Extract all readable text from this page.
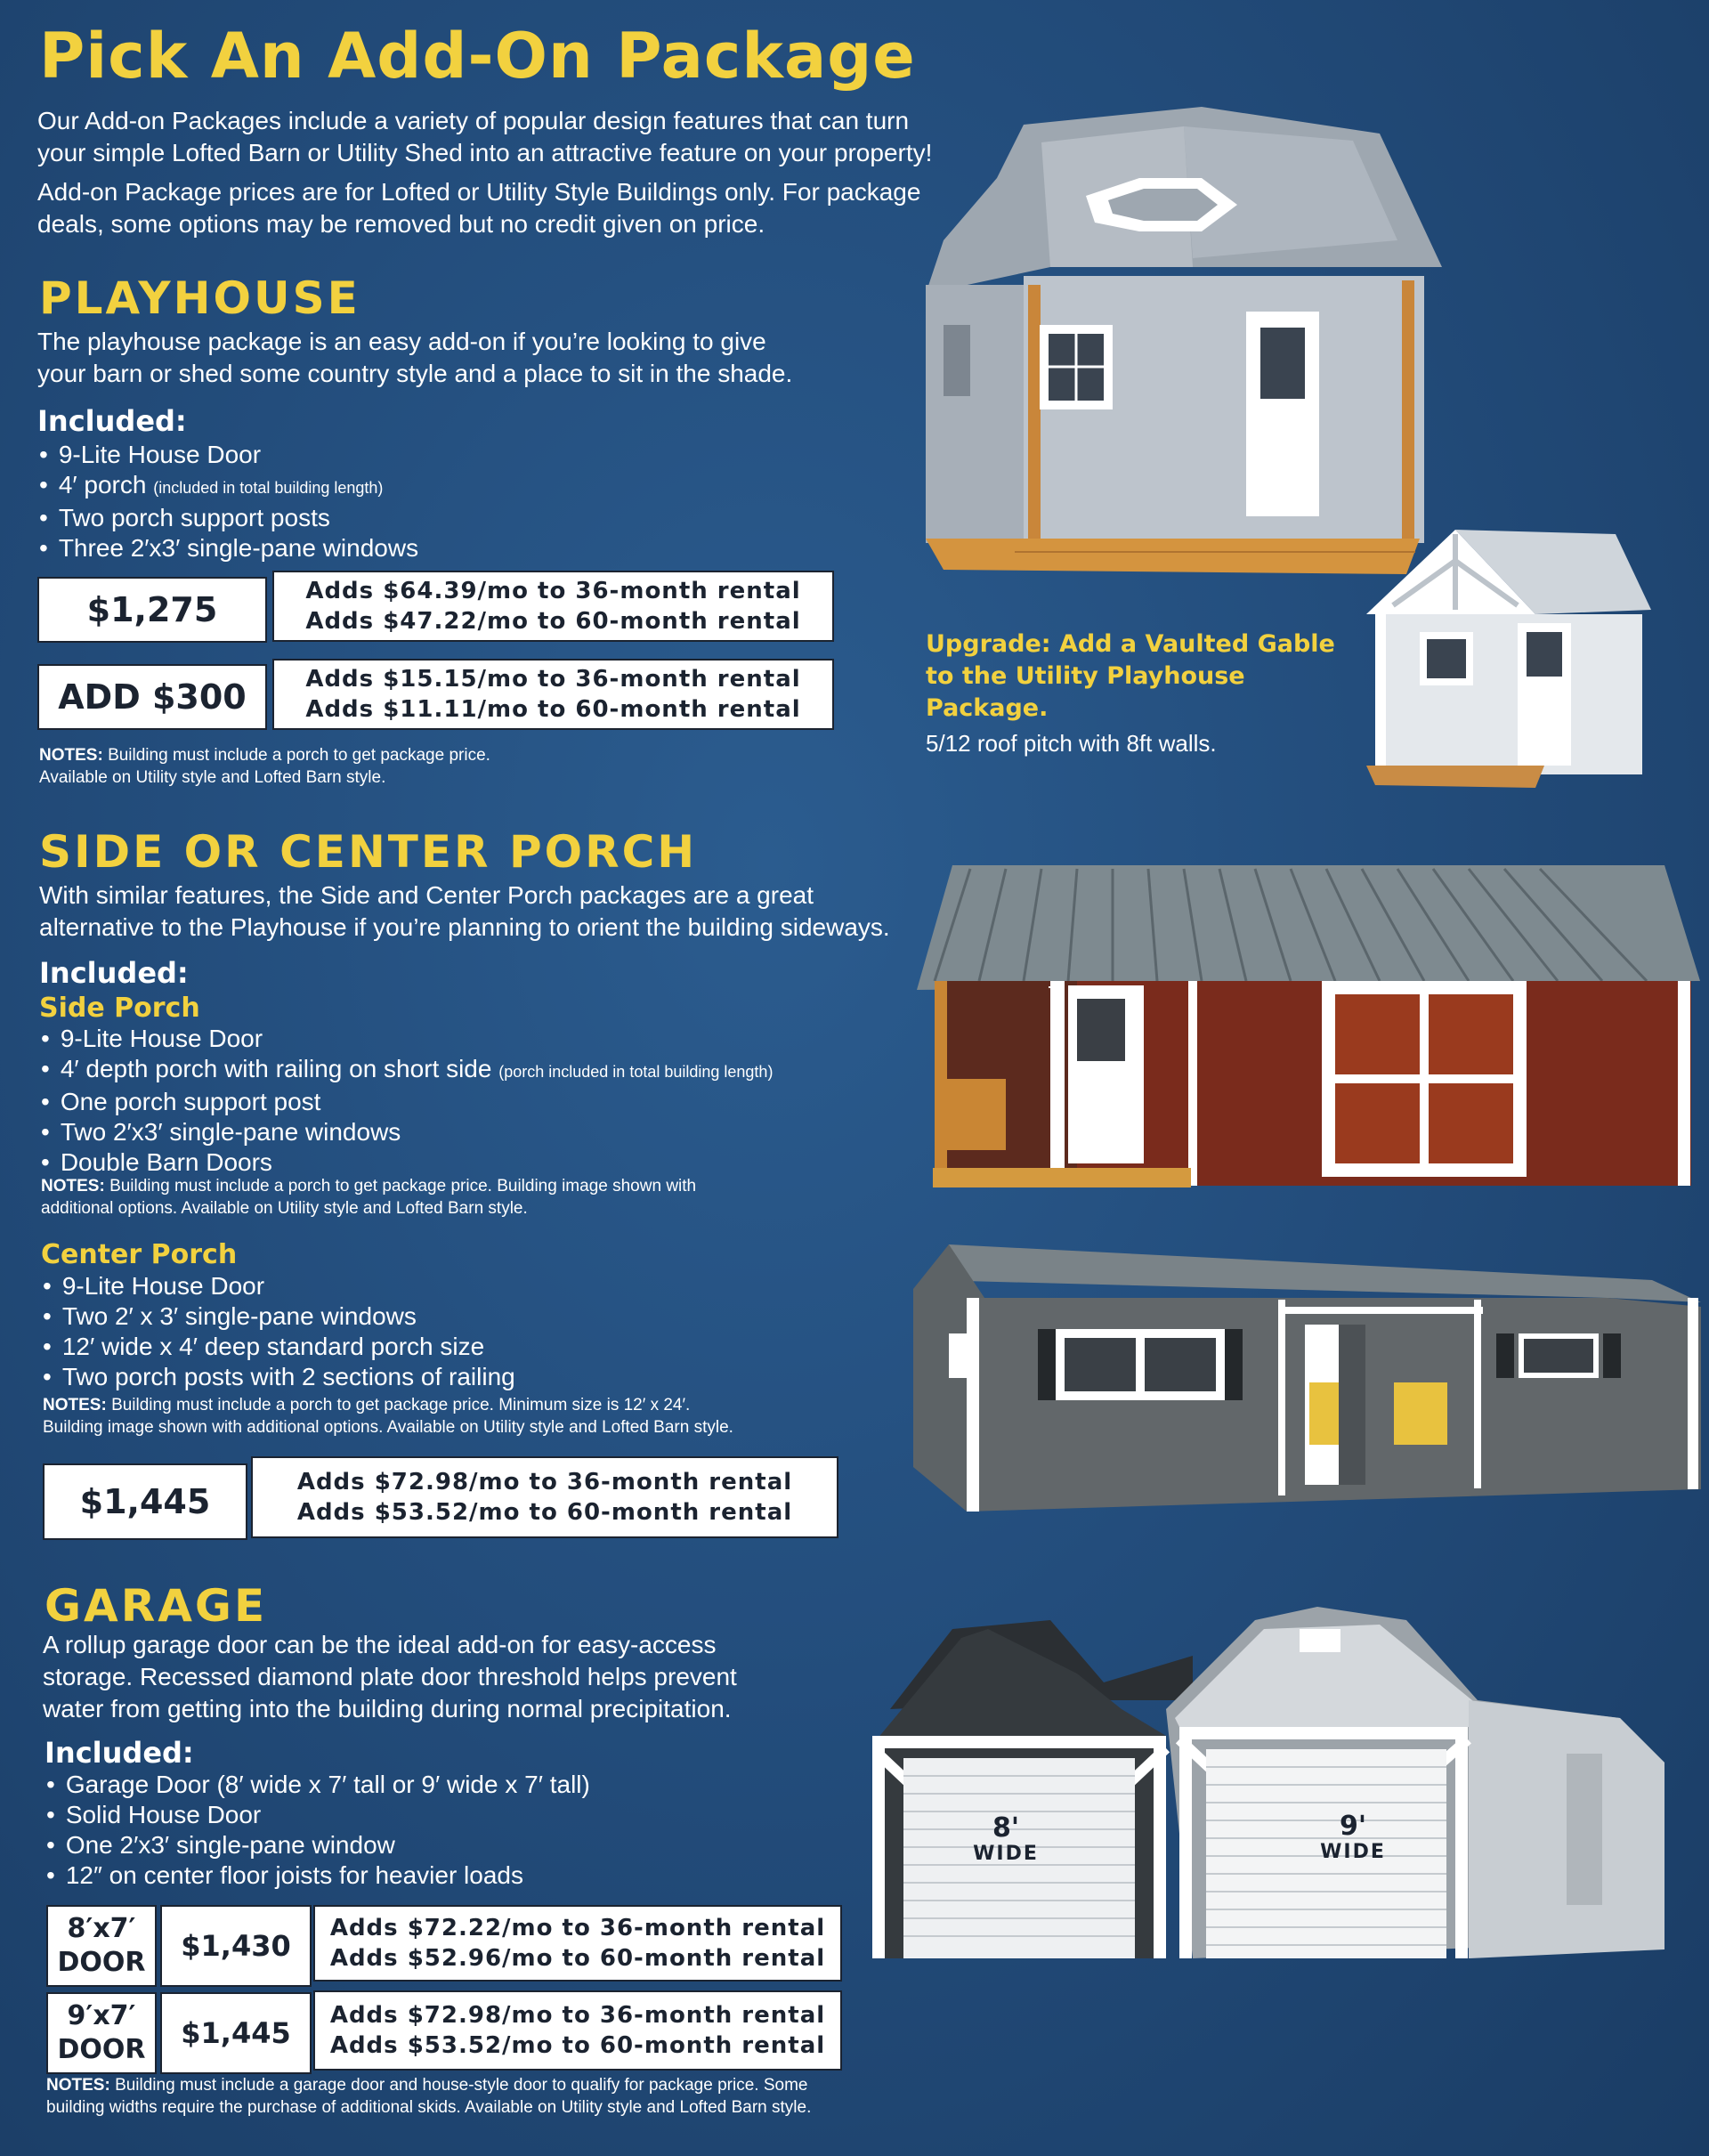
Pick An Add-On Package

Our Add-on Packages include a variety of popular design features that can turn

your simple Lofted Barn or Utility Shed into an attractive feature on your property!

Add-on Package prices are for Lofted or Utility Style Buildings only. For package

deals, some options may be removed but no credit given on price.

PLAYHOUSE

The playhouse package is an easy add-on if you’re looking to give

your barn or shed some country style and a place to sit in the shade.

Included:

• 9-Lite House Door
• 4′ porch (included in total building length)
• Two porch support posts
• Three 2′x3′ single-pane windows
$1,275	Adds $64.39/mo to 36-month rental
Adds $47.22/mo to 60-month rental
ADD $300	Adds $15.15/mo to 36-month rental
Adds $11.11/mo to 60-month rental
NOTES: Building must include a porch to get package price.
Available on Utility style and Lofted Barn style.
Upgrade: Add a Vaulted Gable
to the Utility Playhouse Package.
5/12 roof pitch with 8ft walls.
SIDE OR CENTER PORCH

With similar features, the Side and Center Porch packages are a great

alternative to the Playhouse if you’re planning to orient the building sideways.

Included:

Side Porch

• 9-Lite House Door
• 4′ depth porch with railing on short side (porch included in total building length)
• One porch support post
• Two 2′x3′ single-pane windows
• Double Barn Doors
NOTES: Building must include a porch to get package price. Building image shown with
additional options. Available on Utility style and Lofted Barn style.

Center Porch

• 9-Lite House Door
• Two 2′ x 3′ single-pane windows
• 12′ wide x 4′ deep standard porch size
• Two porch posts with 2 sections of railing
NOTES: Building must include a porch to get package price. Minimum size is 12′ x 24′.
Building image shown with additional options. Available on Utility style and Lofted Barn style.
$1,445	Adds $72.98/mo to 36-month rental
Adds $53.52/mo to 60-month rental
GARAGE

A rollup garage door can be the ideal add-on for easy-access

storage. Recessed diamond plate door threshold helps prevent

water from getting into the building during normal precipitation.

Included:

• Garage Door (8′ wide x 7′ tall or 9′ wide x 7′ tall)
• Solid House Door
• One 2′x3′ single-pane window
• 12″ on center floor joists for heavier loads
8′x7′
DOOR $1,430
Adds $72.22/mo to 36-month rental
Adds $52.96/mo to 60-month rental
9′x7′
DOOR $1,445
Adds $72.98/mo to 36-month rental
Adds $53.52/mo to 60-month rental
NOTES: Building must include a garage door and house-style door to qualify for package price. Some
building widths require the purchase of additional skids. Available on Utility style and Lofted Barn style.
8'
WIDE
9'
WIDE
